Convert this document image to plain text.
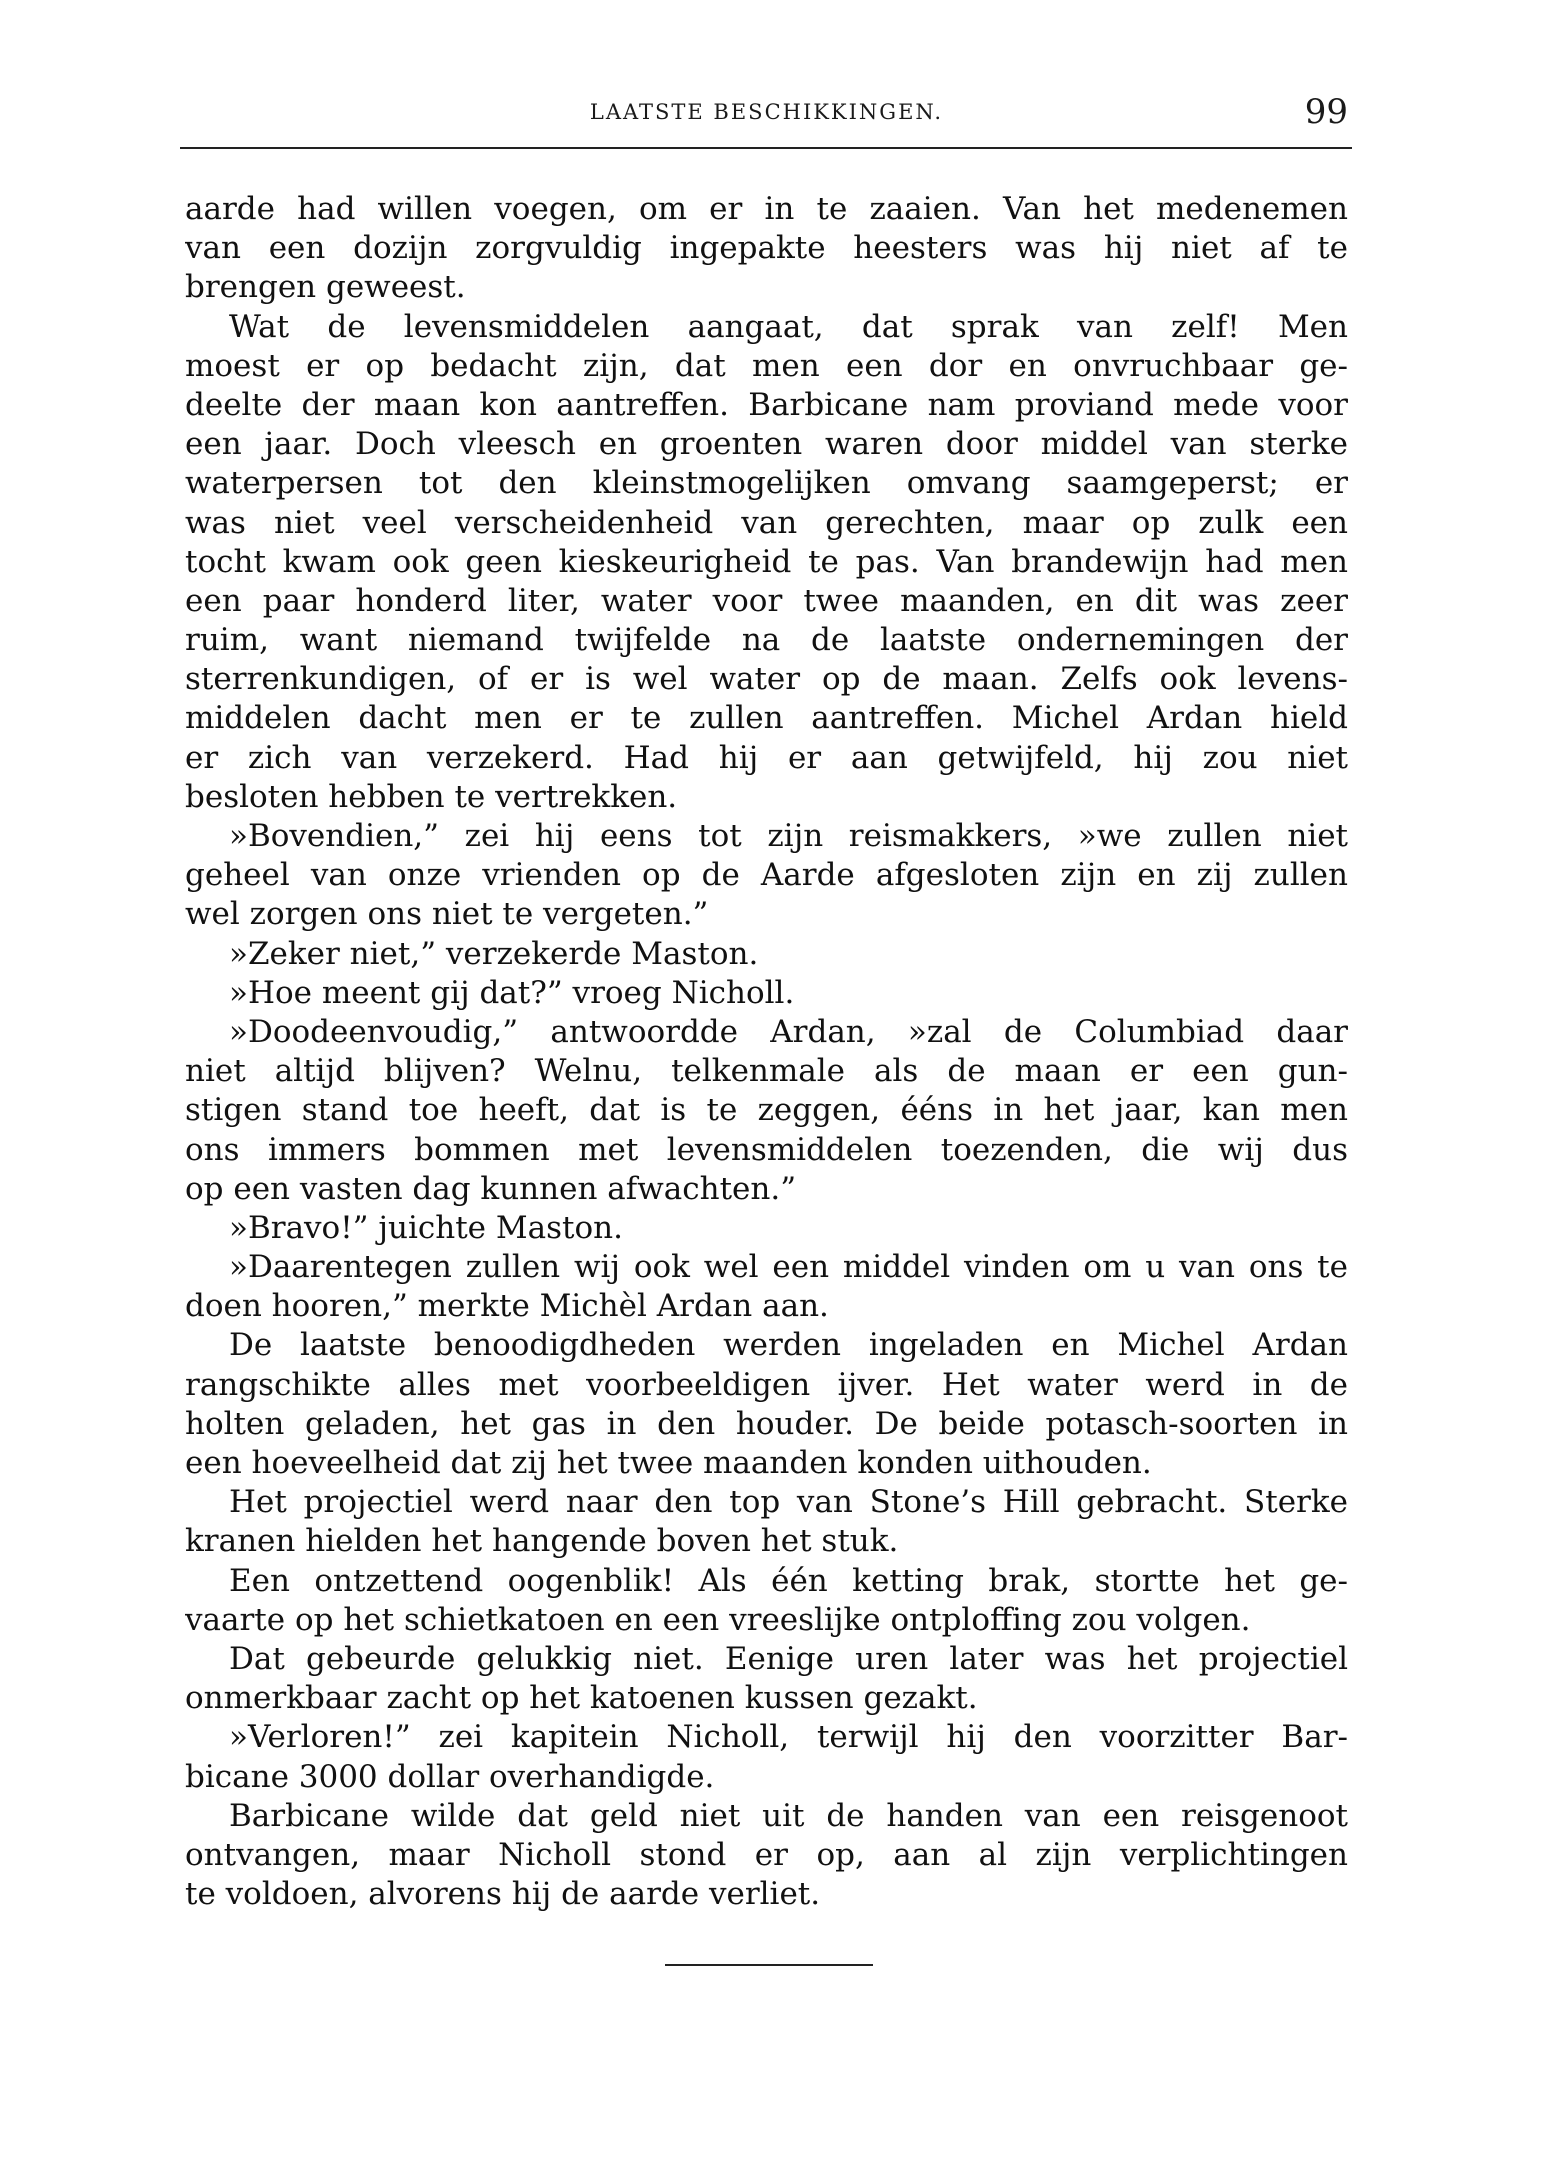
LAATSTE BESCHIKKINGEN.	99
aarde had willen voegen, om er in te zaaien. Van het medenemen
van een dozijn zorgvuldig ingepakte heesters was hij niet af te
brengen geweest.
Wat de levensmiddelen aangaat, dat sprak van zelf! Men
moest er op bedacht zijn, dat men een dor en onvruchbaar ge-
deelte der maan kon aantreffen. Barbicane nam proviand mede voor
een jaar. Doch vleesch en groenten waren door middel van sterke
waterpersen tot den kleinstmogelijken omvang saamgeperst; er
was niet veel verscheidenheid van gerechten, maar op zulk een
tocht kwam ook geen kieskeurigheid te pas. Van brandewijn had men
een paar honderd liter, water voor twee maanden, en dit was zeer
ruim, want niemand twijfelde na de laatste ondernemingen der
sterrenkundigen, of er is wel water op de maan. Zelfs ook levens-
middelen dacht men er te zullen aantreffen. Michel Ardan hield
er zich van verzekerd. Had hij er aan getwijfeld, hij zou niet
besloten hebben te vertrekken.
»Bovendien,” zei hij eens tot zijn reismakkers, »we zullen niet
geheel van onze vrienden op de Aarde afgesloten zijn en zij zullen
wel zorgen ons niet te vergeten.”
»Zeker niet,” verzekerde Maston.
»Hoe meent gij dat?” vroeg Nicholl.
»Doodeenvoudig,” antwoordde Ardan, »zal de Columbiad daar
niet altijd blijven? Welnu, telkenmale als de maan er een gun-
stigen stand toe heeft, dat is te zeggen, ééns in het jaar, kan men
ons immers bommen met levensmiddelen toezenden, die wij dus
op een vasten dag kunnen afwachten.”
»Bravo!” juichte Maston.
»Daarentegen zullen wij ook wel een middel vinden om u van ons te
doen hooren,” merkte Michèl Ardan aan.
De laatste benoodigdheden werden ingeladen en Michel Ardan
rangschikte alles met voorbeeldigen ijver. Het water werd in de
holten geladen, het gas in den houder. De beide potasch-soorten in
een hoeveelheid dat zij het twee maanden konden uithouden.
Het projectiel werd naar den top van Stone’s Hill gebracht. Sterke
kranen hielden het hangende boven het stuk.
Een ontzettend oogenblik! Als één ketting brak, stortte het ge-
vaarte op het schietkatoen en een vreeslijke ontploffing zou volgen.
Dat gebeurde gelukkig niet. Eenige uren later was het projectiel
onmerkbaar zacht op het katoenen kussen gezakt.
»Verloren!” zei kapitein Nicholl, terwijl hij den voorzitter Bar-
bicane 3000 dollar overhandigde.
Barbicane wilde dat geld niet uit de handen van een reisgenoot
ontvangen, maar Nicholl stond er op, aan al zijn verplichtingen
te voldoen, alvorens hij de aarde verliet.
